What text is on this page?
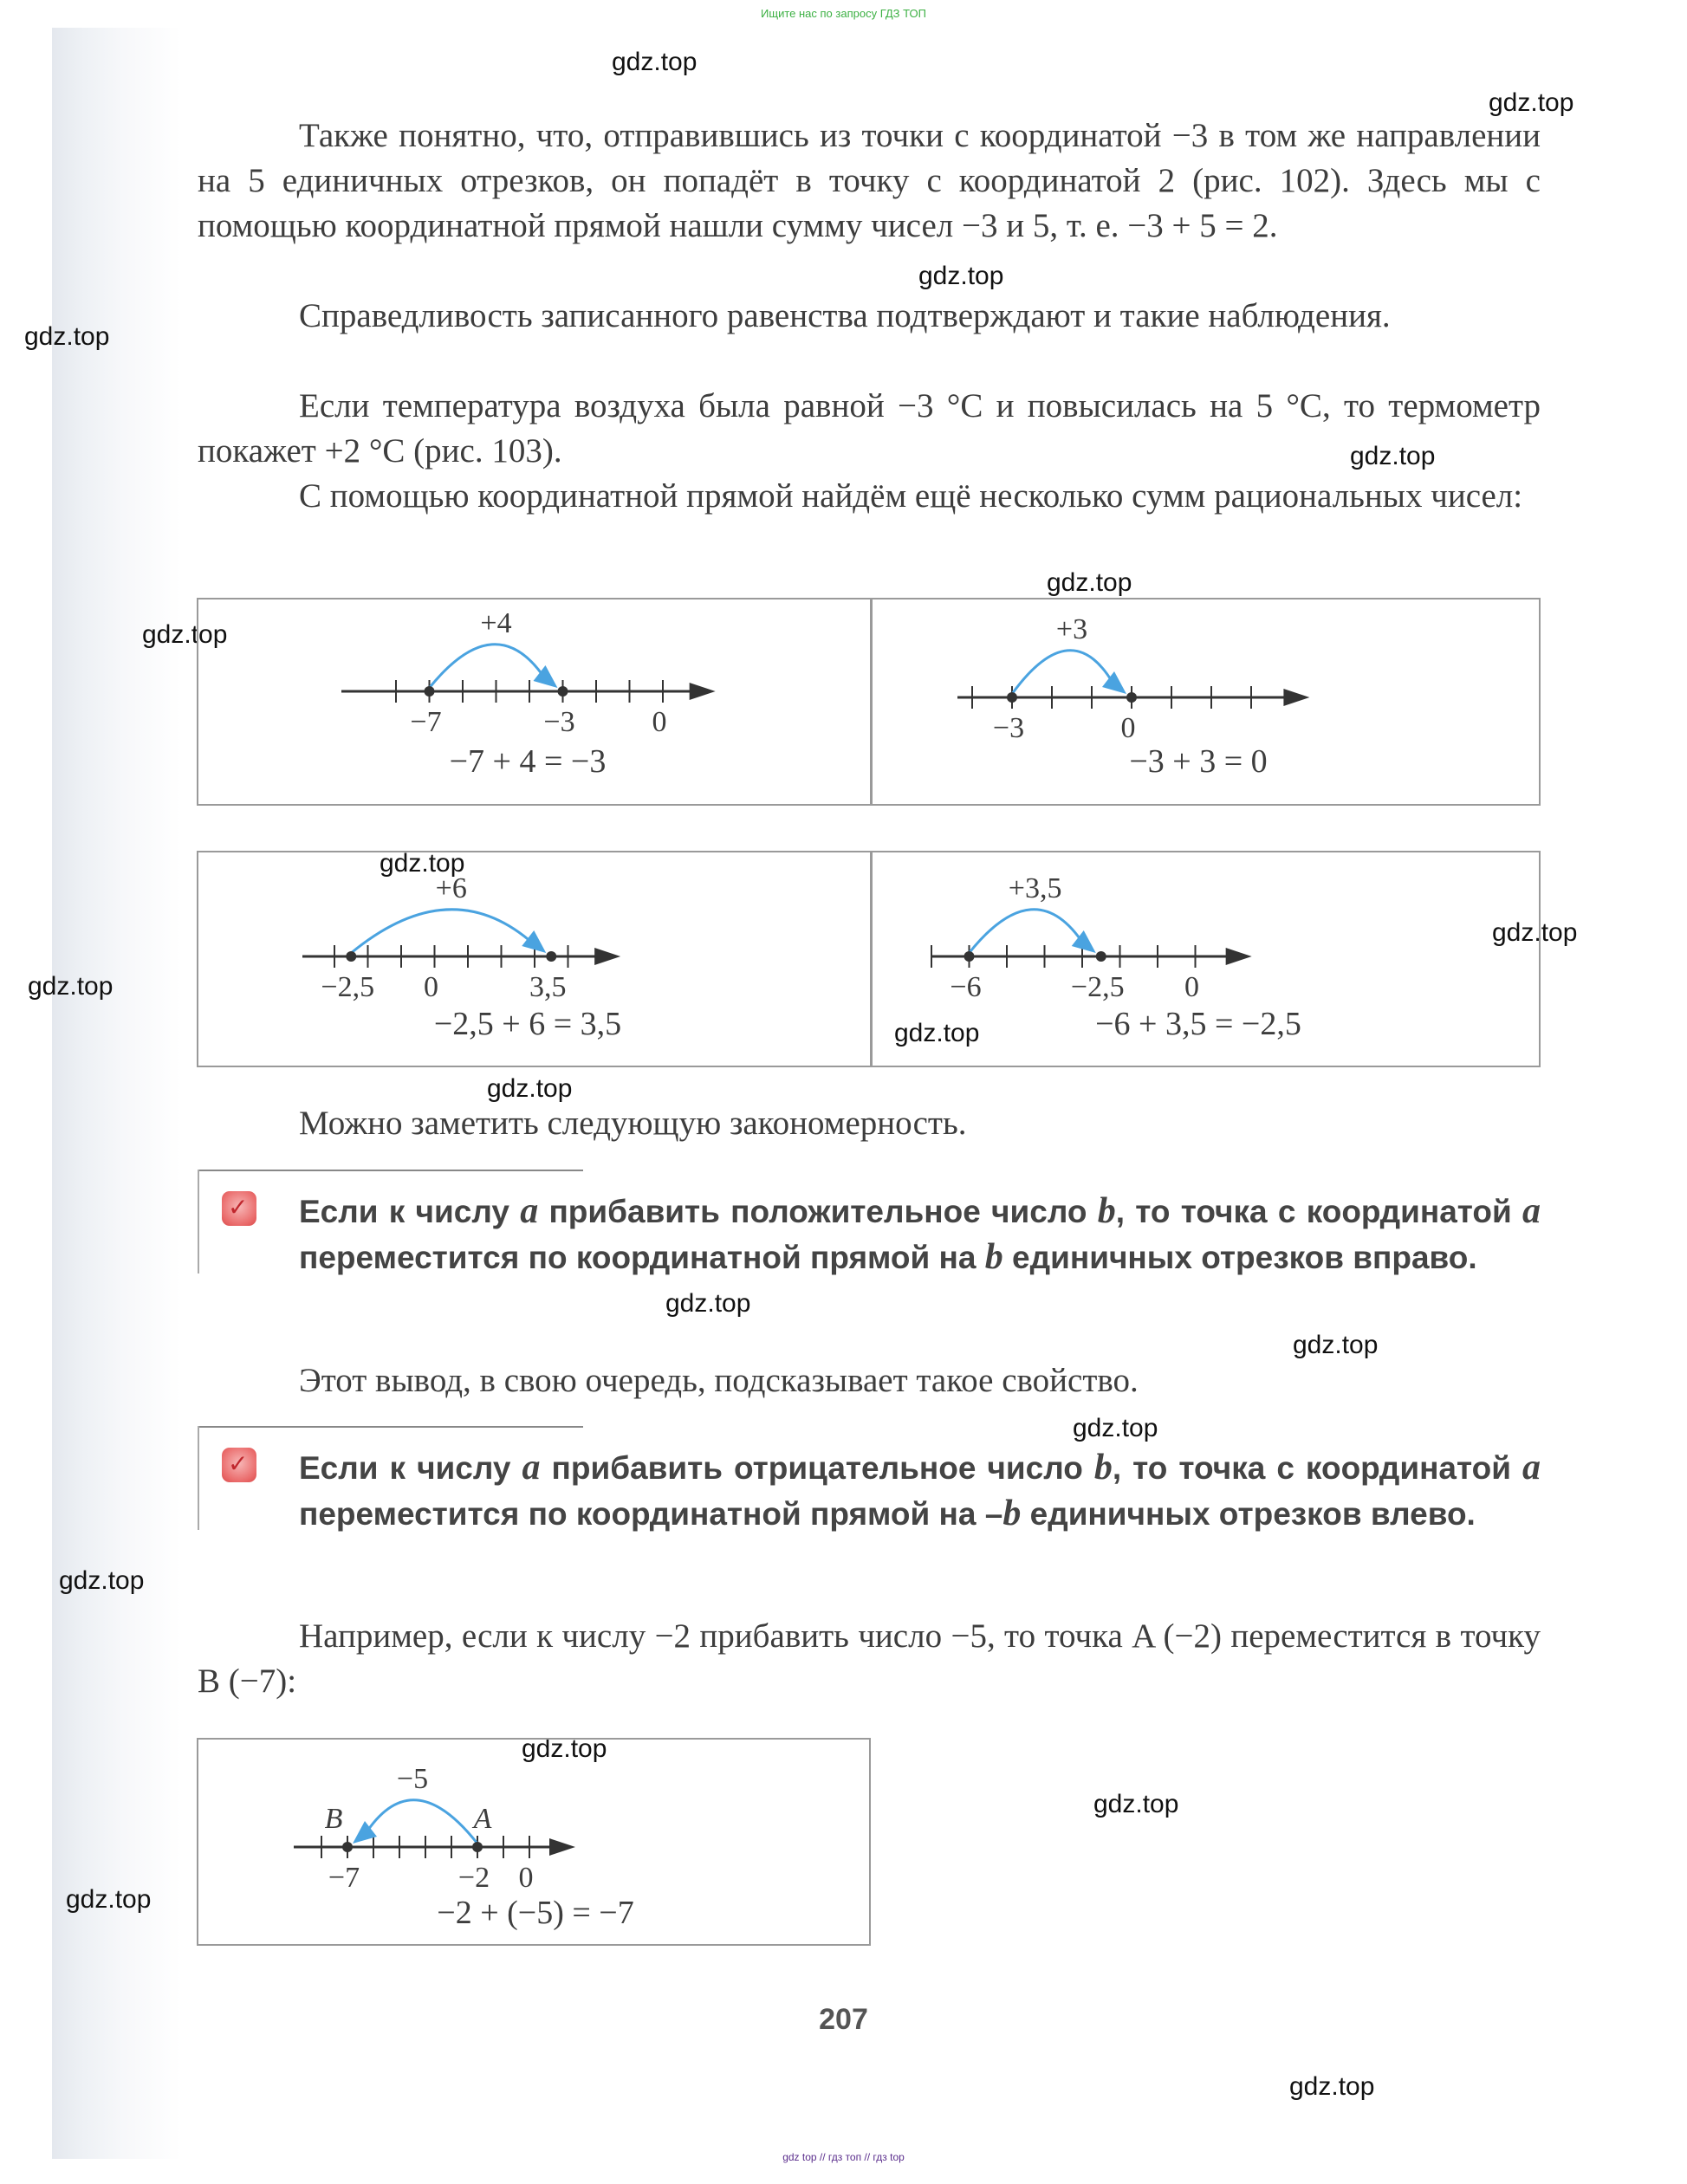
Ищите нас по запросу ГДЗ ТОП
gdz.top
gdz.top
gdz.top
gdz.top
gdz.top
gdz.top
gdz.top
gdz.top
gdz.top
gdz.top
gdz.top
gdz.top
gdz.top
gdz.top
gdz.top
gdz.top
gdz.top
gdz.top
gdz.top
gdz.top

Также понятно, что, отправившись из точки с координатой −3 в том же направлении на 5 единичных отрезков, он попадёт в точку с координатой 2 (рис. 102). Здесь мы с помощью координатной прямой нашли сумму чисел −3 и 5, т. е. −3 + 5 = 2.

Справедливость записанного равенства подтверждают и такие наблюдения.

Если температура воздуха была равной −3 °С и повысилась на 5 °С, то термометр покажет +2 °С (рис. 103).

С помощью координатной прямой найдём ещё несколько сумм рациональных чисел:

+4
−7	−3	0
−7 + 4 = −3
+3
−3	0
−3 + 3 = 0
+6
−2,5 0	3,5
−2,5 + 6 = 3,5
+3,5
−6	−2,5 0
−6 + 3,5 = −2,5

Можно заметить следующую закономерность.

✓ Если к числу a прибавить положительное число b, то точка с координатой a переместится по координатной прямой на b единичных отрезков вправо.

Этот вывод, в свою очередь, подсказывает такое свойство.

✓ Если к числу a прибавить отрицательное число b, то точка с координатой a переместится по координатной прямой на –b единичных отрезков влево.

Например, если к числу −2 прибавить число −5, то точка A (−2) переместится в точку B (−7):

−5
−7	−2 0
A
B
−2 + (−5) = −7
207
gdz top // гдз топ // гдз top
